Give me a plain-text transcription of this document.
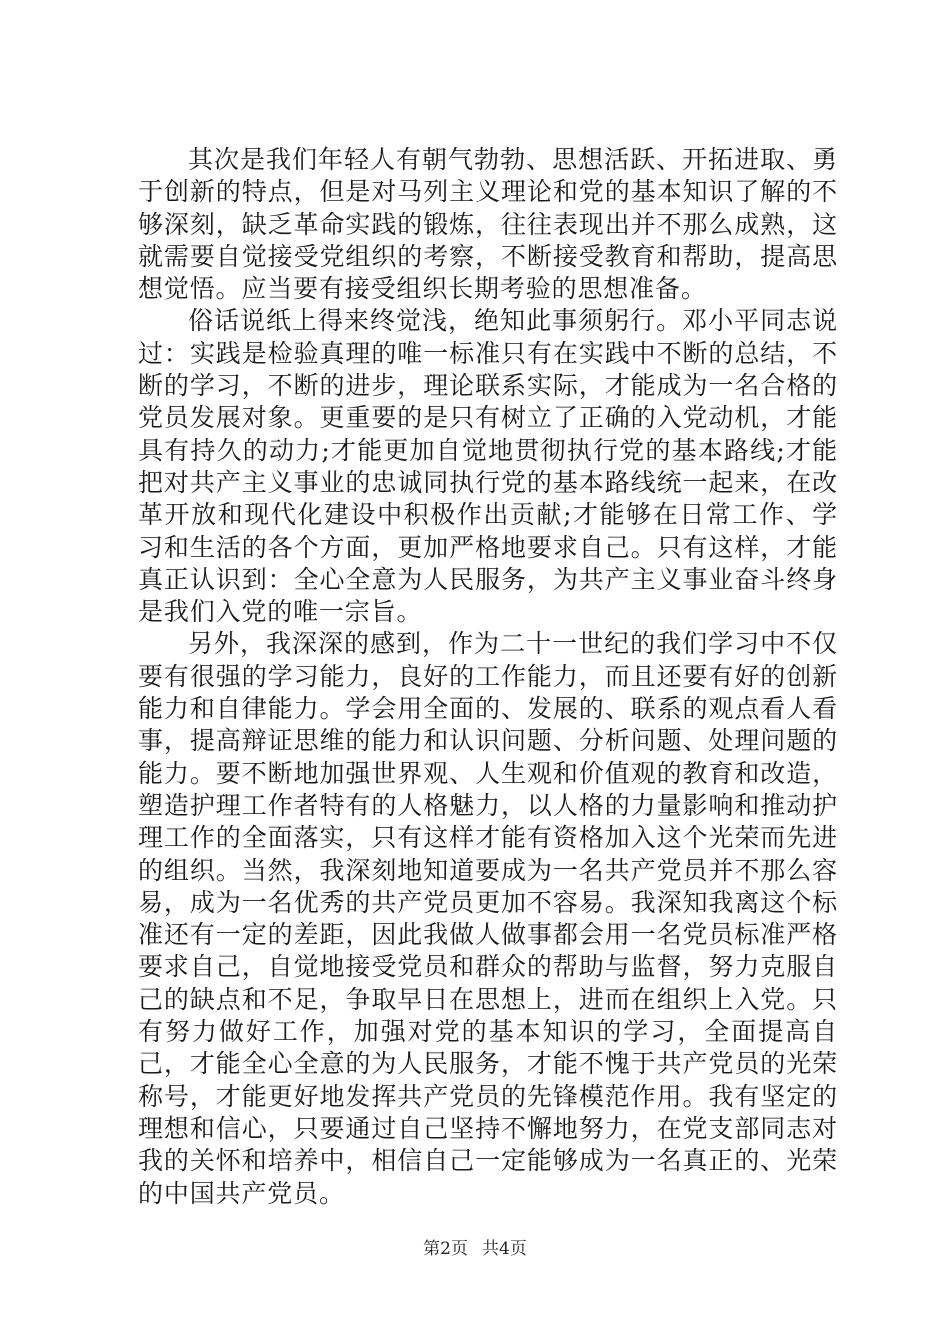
其次是我们年轻人有朝气勃勃、思想活跃、开拓进取、勇于创新的特点，但是对马列主义理论和党的基本知识了解的不够深刻，缺乏革命实践的锻炼，往往表现出并不那么成熟，这就需要自觉接受党组织的考察，不断接受教育和帮助，提高思想觉悟。应当要有接受组织长期考验的思想准备。

俗话说纸上得来终觉浅，绝知此事须躬行。邓小平同志说过：实践是检验真理的唯一标准只有在实践中不断的总结，不断的学习，不断的进步，理论联系实际，才能成为一名合格的党员发展对象。更重要的是只有树立了正确的入党动机，才能具有持久的动力;才能更加自觉地贯彻执行党的基本路线;才能把对共产主义事业的忠诚同执行党的基本路线统一起来，在改革开放和现代化建设中积极作出贡献;才能够在日常工作、学习和生活的各个方面，更加严格地要求自己。只有这样，才能真正认识到：全心全意为人民服务，为共产主义事业奋斗终身是我们入党的唯一宗旨。

另外，我深深的感到，作为二十一世纪的我们学习中不仅要有很强的学习能力，良好的工作能力，而且还要有好的创新能力和自律能力。学会用全面的、发展的、联系的观点看人看事，提高辩证思维的能力和认识问题、分析问题、处理问题的能力。要不断地加强世界观、人生观和价值观的教育和改造，塑造护理工作者特有的人格魅力，以人格的力量影响和推动护理工作的全面落实，只有这样才能有资格加入这个光荣而先进的组织。当然，我深刻地知道要成为一名共产党员并不那么容易，成为一名优秀的共产党员更加不容易。我深知我离这个标准还有一定的差距，因此我做人做事都会用一名党员标准严格要求自己，自觉地接受党员和群众的帮助与监督，努力克服自己的缺点和不足，争取早日在思想上，进而在组织上入党。只有努力做好工作，加强对党的基本知识的学习，全面提高自己，才能全心全意的为人民服务，才能不愧于共产党员的光荣称号，才能更好地发挥共产党员的先锋模范作用。我有坚定的理想和信心，只要通过自己坚持不懈地努力，在党支部同志对我的关怀和培养中，相信自己一定能够成为一名真正的、光荣的中国共产党员。

第2页 共4页
